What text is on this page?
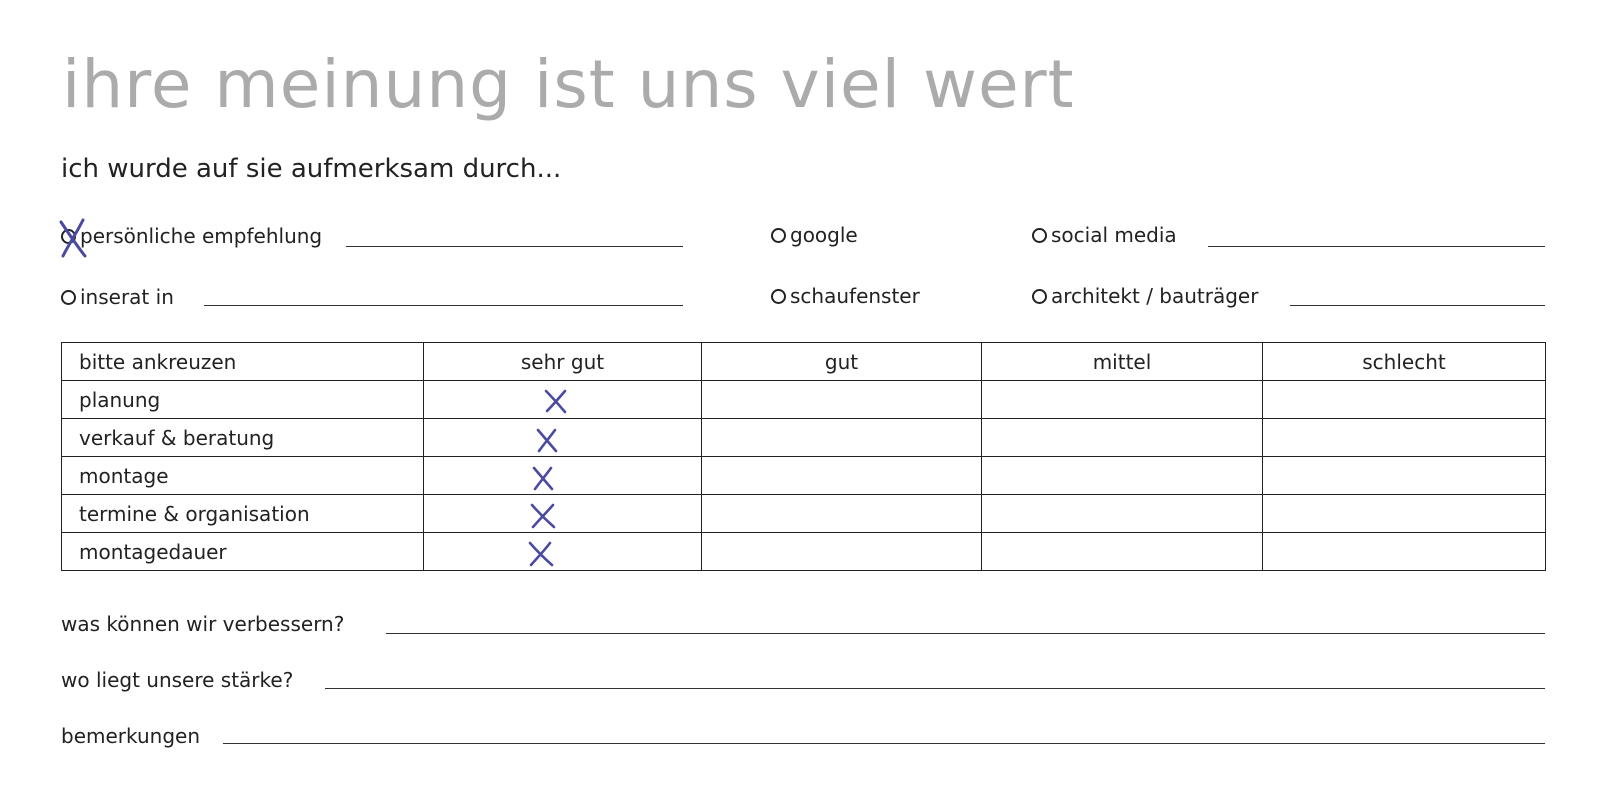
ihre meinung ist uns viel wert
ich wurde auf sie aufmerksam durch...
persönliche empfehlung	google	social media
inserat in	schaufenster	architekt / bauträger
bitte ankreuzen	sehr gut	gut	mittel	schlecht
planung	

verkauf & beratung	

montage	

termine & organisation	

montagedauer	

was können wir verbessern?
wo liegt unsere stärke?
bemerkungen
